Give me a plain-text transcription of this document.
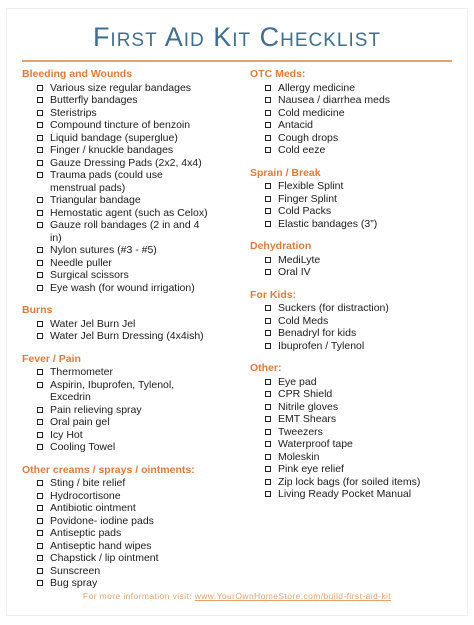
First Aid Kit Checklist
Bleeding and Wounds
Various size regular bandages
Butterfly bandages
Steristrips
Compound tincture of benzoin
Liquid bandage (superglue)
Finger / knuckle bandages
Gauze Dressing Pads (2x2, 4x4)
Trauma pads (could use
menstrual pads)
Triangular bandage
Hemostatic agent (such as Celox)
Gauze roll bandages (2 in and 4
in)
Nylon sutures (#3 - #5)
Needle puller
Surgical scissors
Eye wash (for wound irrigation)
Burns
Water Jel Burn Jel
Water Jel Burn Dressing (4x4ish)
Fever / Pain
Thermometer
Aspirin, Ibuprofen, Tylenol,
Excedrin
Pain relieving spray
Oral pain gel
Icy Hot
Cooling Towel
Other creams / sprays / ointments:
Sting / bite relief
Hydrocortisone
Antibiotic ointment
Povidone- iodine pads
Antiseptic pads
Antiseptic hand wipes
Chapstick / lip ointment
Sunscreen
Bug spray
OTC Meds:
Allergy medicine
Nausea / diarrhea meds
Cold medicine
Antacid
Cough drops
Cold eeze
Sprain / Break
Flexible Splint
Finger Splint
Cold Packs
Elastic bandages (3”)
Dehydration
MediLyte
Oral IV
For Kids:
Suckers (for distraction)
Cold Meds
Benadryl for kids
Ibuprofen / Tylenol
Other:
Eye pad
CPR Shield
Nitrile gloves
EMT Shears
Tweezers
Waterproof tape
Moleskin
Pink eye relief
Zip lock bags (for soiled items)
Living Ready Pocket Manual
For more information visit: www.YourOwnHomeStore.com/build-first-aid-kit
